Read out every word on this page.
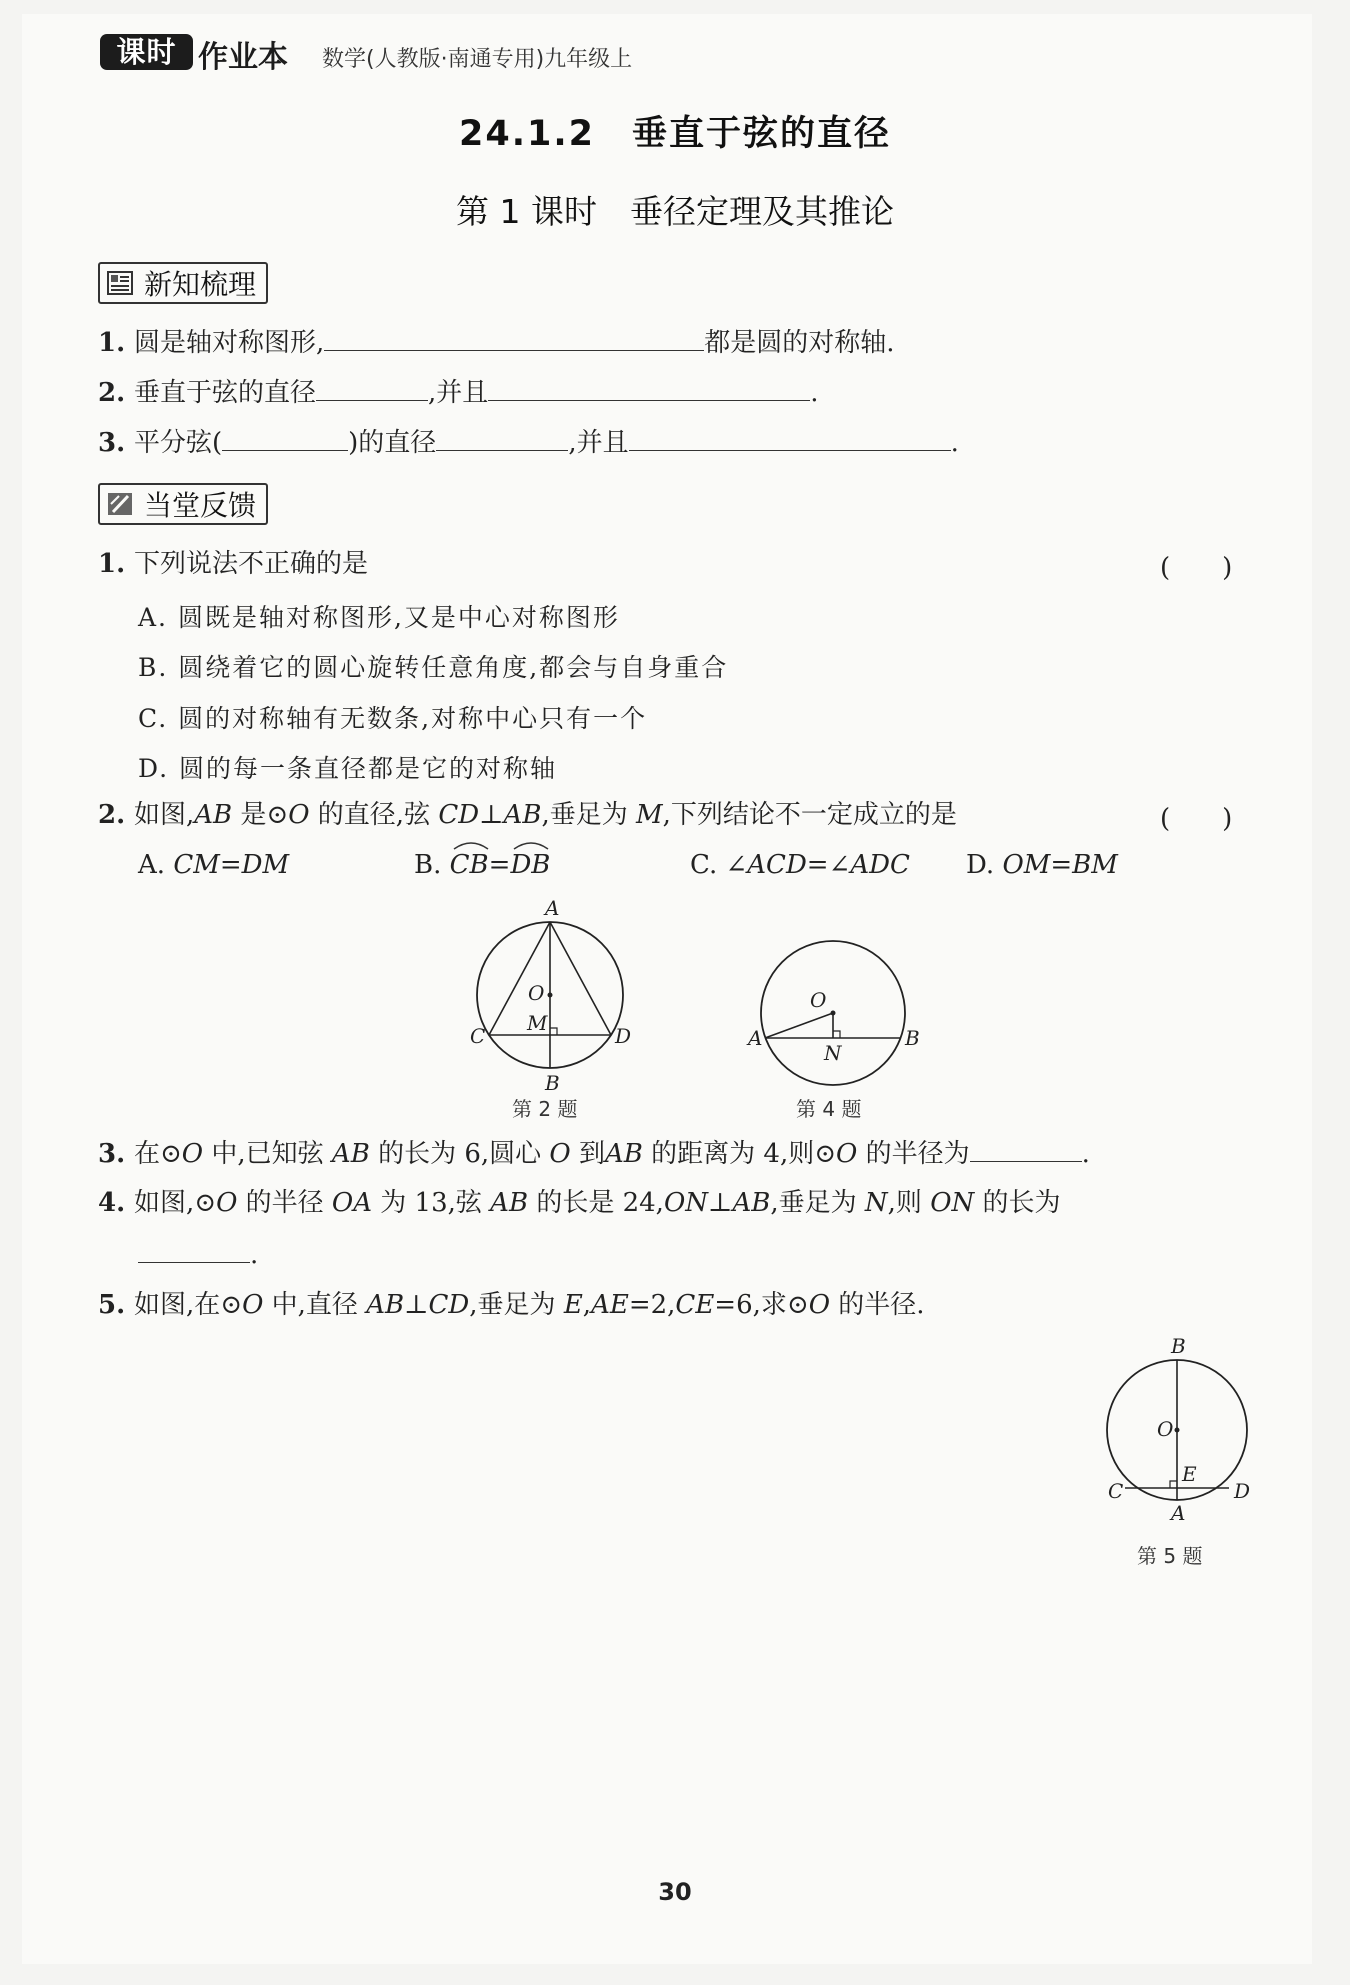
课时 作业本 数学(人教版·南通专用)九年级上
24.1.2　垂直于弦的直径
第 1 课时　垂径定理及其推论
新知梳理
1. 圆是轴对称图形,	都是圆的对称轴.
2. 垂直于弦的直径	,并且	.
3. 平分弦(	)的直径	,并且	.
当堂反馈
1. 下列说法不正确的是	(　　)
A. 圆既是轴对称图形,又是中心对称图形
B. 圆绕着它的圆心旋转任意角度,都会与自身重合
C. 圆的对称轴有无数条,对称中心只有一个
D. 圆的每一条直径都是它的对称轴
2. 如图,AB 是⊙O 的直径,弦 CD⊥AB,垂足为 M,下列结论不一定成立的是	(　　)
A. CM=DM	B. CB
=DB	C. ∠ACD=∠ADC D. OM=BM
A
B
C	D
O
M
第 2 题
O
A	B
N
第 4 题
3. 在⊙O 中,已知弦 AB 的长为 6,圆心 O 到AB 的距离为 4,则⊙O 的半径为	.
4. 如图,⊙O 的半径 OA 为 13,弦 AB 的长是 24,ON⊥AB,垂足为 N,则 ON 的长为
.
5. 如图,在⊙O 中,直径 AB⊥CD,垂足为 E,AE=2,CE=6,求⊙O 的半径.
B
O
E
C	D
A
第 5 题
30
